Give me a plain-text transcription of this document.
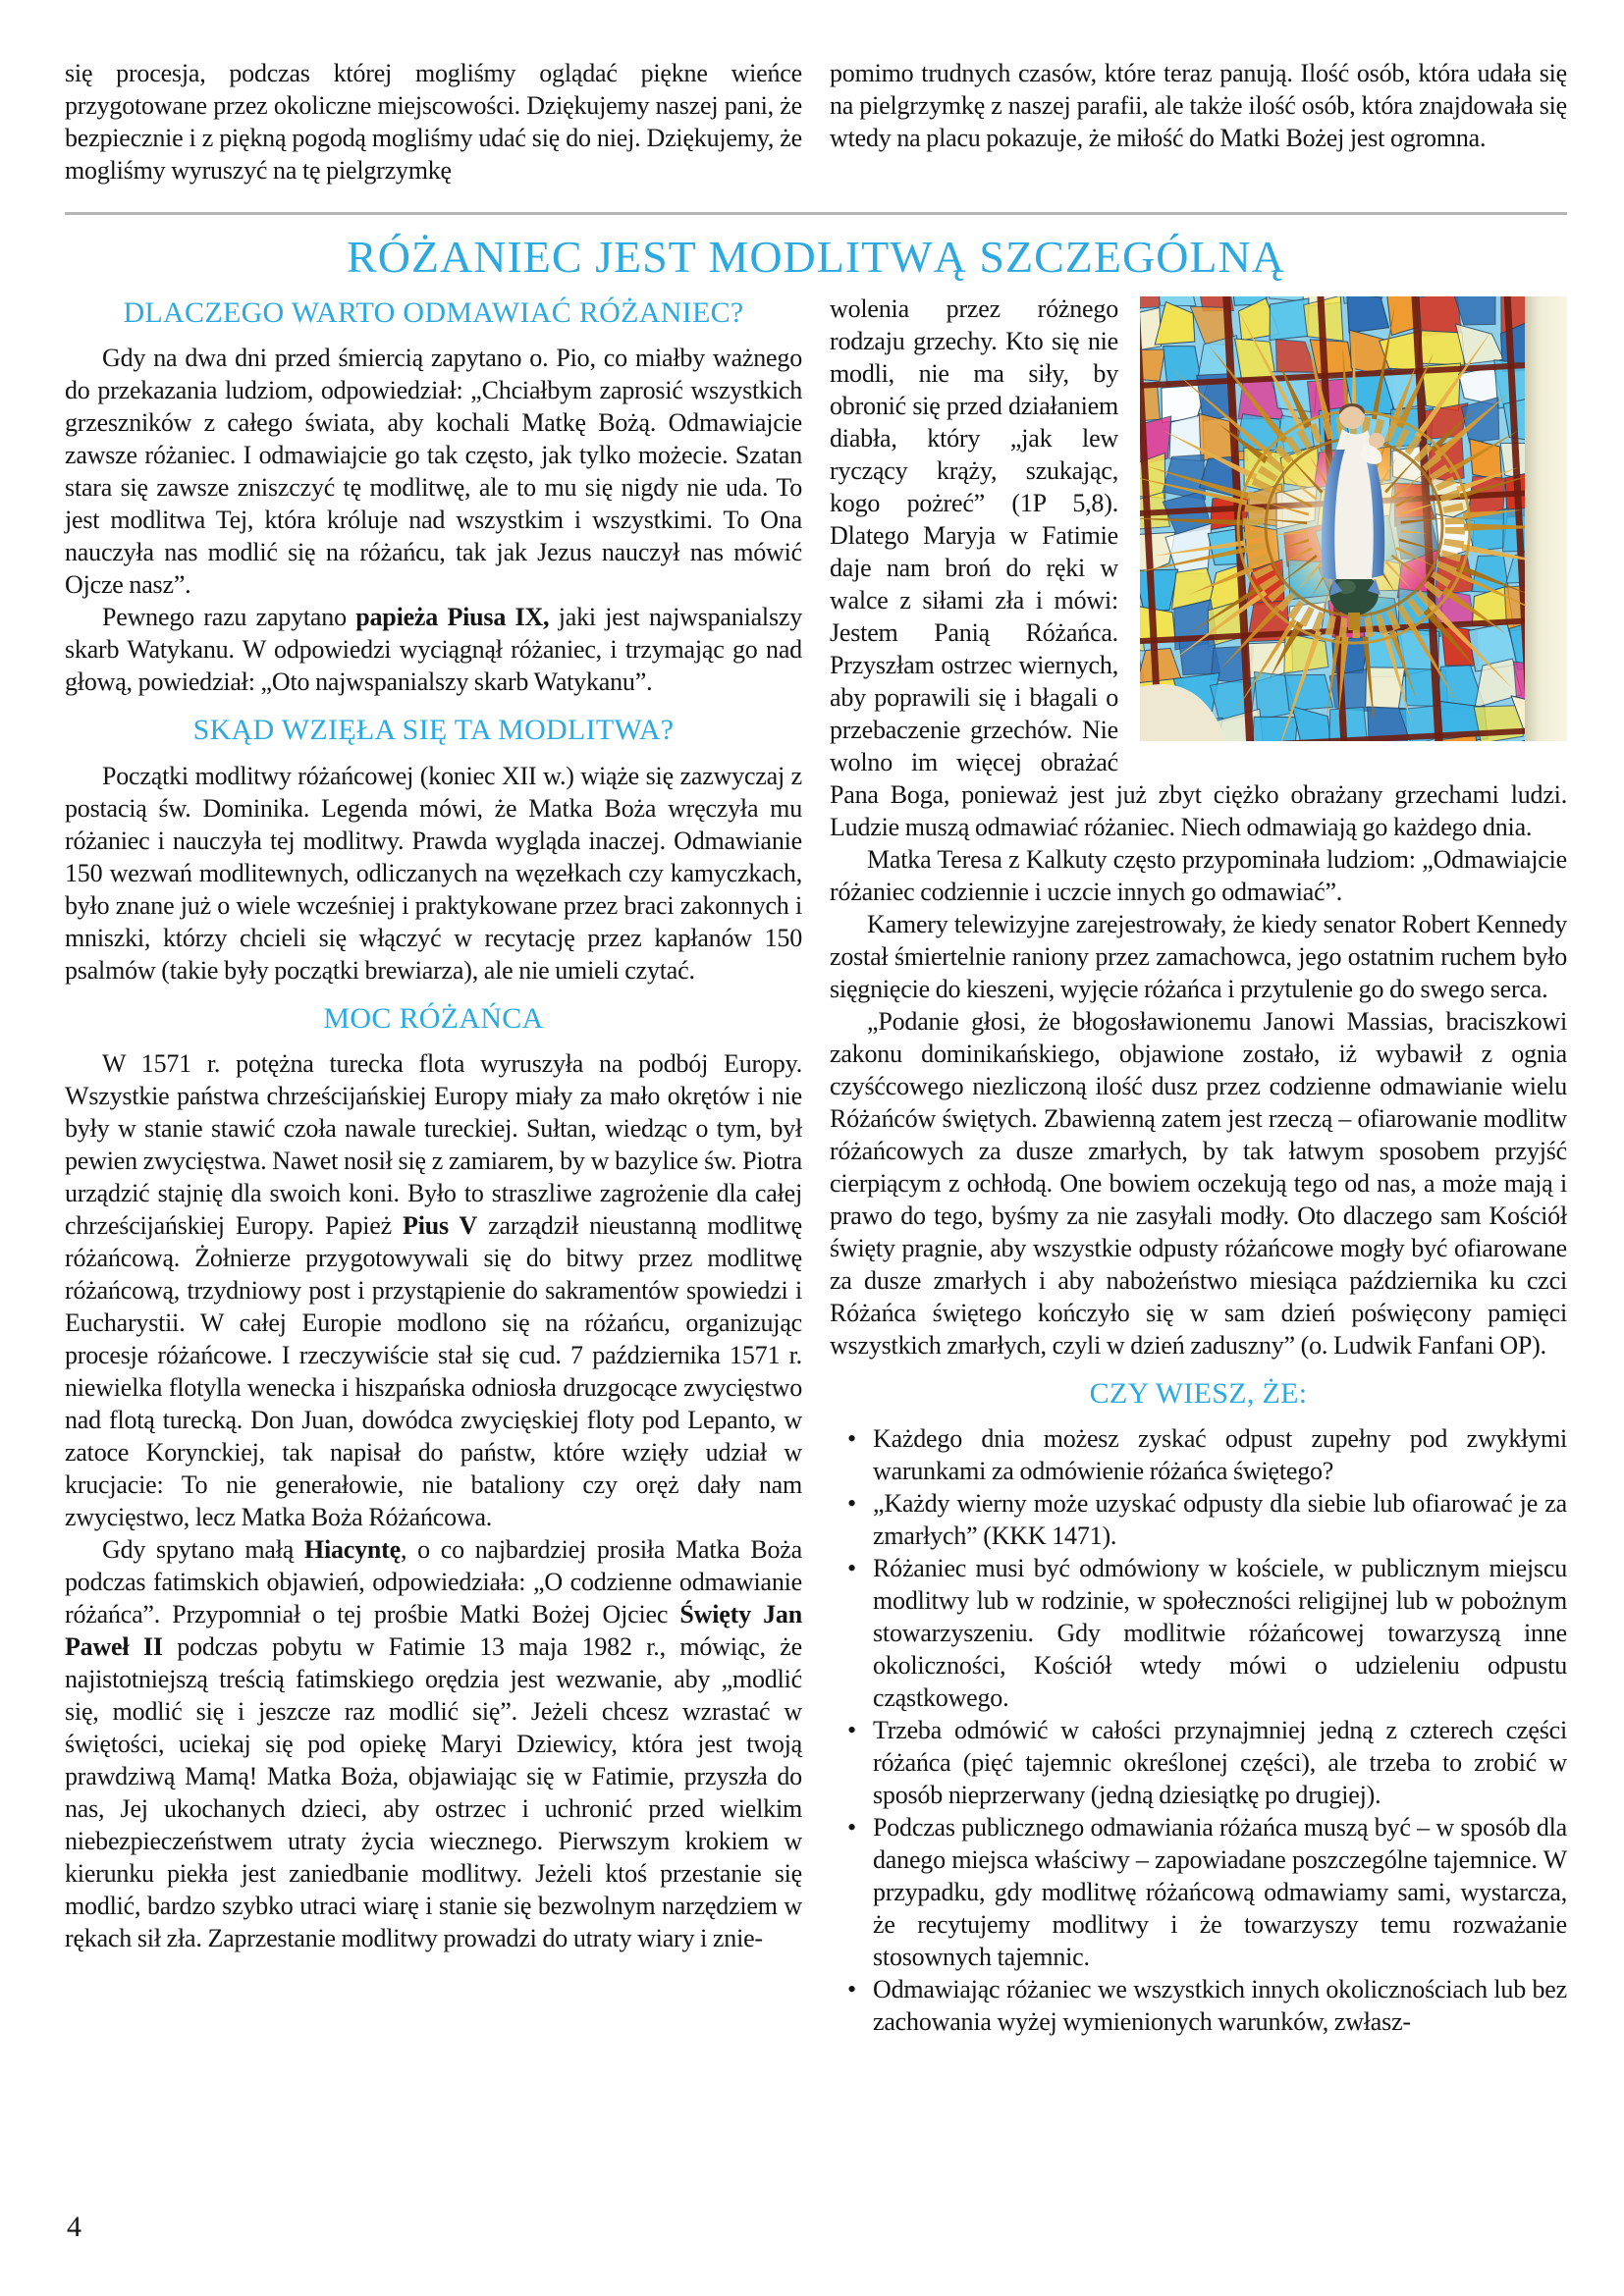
się procesja, podczas której mogliśmy oglądać piękne wieńce przygotowane przez okoliczne miejscowości. Dziękujemy naszej pani, że bezpiecznie i z piękną pogodą mogliśmy udać się do niej. Dziękujemy, że mogliśmy wyruszyć na tę pielgrzymkę

pomimo trudnych czasów, które teraz panują. Ilość osób, która udała się na pielgrzymkę z naszej parafii, ale także ilość osób, która znajdowała się wtedy na placu pokazuje, że miłość do Matki Bożej jest ogromna.

RÓŻANIEC JEST MODLITWĄ SZCZEGÓLNĄ
DLACZEGO WARTO ODMAWIAĆ RÓŻANIEC?

Gdy na dwa dni przed śmiercią zapytano o. Pio, co miałby ważnego do przekazania ludziom, odpowiedział: „Chciałbym zaprosić wszystkich grzeszników z całego świata, aby kochali Matkę Bożą. Odmawiajcie zawsze różaniec. I odmawiajcie go tak często, jak tylko możecie. Szatan stara się zawsze zniszczyć tę modlitwę, ale to mu się nigdy nie uda. To jest modlitwa Tej, która króluje nad wszystkim i wszystkimi. To Ona nauczyła nas modlić się na różańcu, tak jak Jezus nauczył nas mówić Ojcze nasz”.

Pewnego razu zapytano papieża Piusa IX, jaki jest najwspanialszy skarb Watykanu. W odpowiedzi wyciągnął różaniec, i trzymając go nad głową, powiedział: „Oto najwspanialszy skarb Watykanu”.

SKĄD WZIĘŁA SIĘ TA MODLITWA?

Początki modlitwy różańcowej (koniec XII w.) wiąże się zazwyczaj z postacią św. Dominika. Legenda mówi, że Matka Boża wręczyła mu różaniec i nauczyła tej modlitwy. Prawda wygląda inaczej. Odmawianie 150 wezwań modlitewnych, odliczanych na węzełkach czy kamyczkach, było znane już o wiele wcześniej i praktykowane przez braci zakonnych i mniszki, którzy chcieli się włączyć w recytację przez kapłanów 150 psalmów (takie były początki brewiarza), ale nie umieli czytać.

MOC RÓŻAŃCA

W 1571 r. potężna turecka flota wyruszyła na podbój Europy. Wszystkie państwa chrześcijańskiej Europy miały za mało okrętów i nie były w stanie stawić czoła nawale tureckiej. Sułtan, wiedząc o tym, był pewien zwycięstwa. Nawet nosił się z zamiarem, by w bazylice św. Piotra urządzić stajnię dla swoich koni. Było to straszliwe zagrożenie dla całej chrześcijańskiej Europy. Papież Pius V zarządził nieustanną modlitwę różańcową. Żołnierze przygotowywali się do bitwy przez modlitwę różańcową, trzydniowy post i przystąpienie do sakramentów spowiedzi i Eucharystii. W całej Europie modlono się na różańcu, organizując procesje różańcowe. I rzeczywiście stał się cud. 7 października 1571 r. niewielka flotylla wenecka i hiszpańska odniosła druzgocące zwycięstwo nad flotą turecką. Don Juan, dowódca zwycięskiej floty pod Lepanto, w zatoce Korynckiej, tak napisał do państw, które wzięły udział w krucjacie: To nie generałowie, nie bataliony czy oręż dały nam zwycięstwo, lecz Matka Boża Różańcowa.

Gdy spytano małą Hiacyntę, o co najbardziej prosiła Matka Boża podczas fatimskich objawień, odpowiedziała: „O codzienne odmawianie różańca”. Przypomniał o tej prośbie Matki Bożej Ojciec Święty Jan Paweł II podczas pobytu w Fatimie 13 maja 1982 r., mówiąc, że najistotniejszą treścią fatimskiego orędzia jest wezwanie, aby „modlić się, modlić się i jeszcze raz modlić się”. Jeżeli chcesz wzrastać w świętości, uciekaj się pod opiekę Maryi Dziewicy, która jest twoją prawdziwą Mamą! Matka Boża, objawiając się w Fatimie, przyszła do nas, Jej ukochanych dzieci, aby ostrzec i uchronić przed wielkim niebezpieczeństwem utraty życia wiecznego. Pierwszym krokiem w kierunku piekła jest zaniedbanie modlitwy. Jeżeli ktoś przestanie się modlić, bardzo szybko utraci wiarę i stanie się bezwolnym narzędziem w rękach sił zła. Zaprzestanie modlitwy prowadzi do utraty wiary i znie-

wolenia przez różnego rodzaju grzechy. Kto się nie modli, nie ma siły, by obronić się przed działaniem diabła, który „jak lew ryczący krąży, szukając, kogo pożreć” (1P 5,8). Dlatego Maryja w Fatimie daje nam broń do ręki w walce z siłami zła i mówi: Jestem Panią Różańca. Przyszłam ostrzec wiernych, aby poprawili się i błagali o przebaczenie grzechów. Nie wolno im więcej obrażać Pana Boga, ponieważ jest już zbyt ciężko obrażany grzechami ludzi. Ludzie muszą odmawiać różaniec. Niech odmawiają go każdego dnia.

Matka Teresa z Kalkuty często przypominała ludziom: „Odmawiajcie różaniec codziennie i uczcie innych go odmawiać”.

Kamery telewizyjne zarejestrowały, że kiedy senator Robert Kennedy został śmiertelnie raniony przez zamachowca, jego ostatnim ruchem było sięgnięcie do kieszeni, wyjęcie różańca i przytulenie go do swego serca.

„Podanie głosi, że błogosławionemu Janowi Massias, braciszkowi zakonu dominikańskiego, objawione zostało, iż wybawił z ognia czyśćcowego niezliczoną ilość dusz przez codzienne odmawianie wielu Różańców świętych. Zbawienną zatem jest rzeczą – ofiarowanie modlitw różańcowych za dusze zmarłych, by tak łatwym sposobem przyjść cierpiącym z ochłodą. One bowiem oczekują tego od nas, a może mają i prawo do tego, byśmy za nie zasyłali modły. Oto dlaczego sam Kościół święty pragnie, aby wszystkie odpusty różańcowe mogły być ofiarowane za dusze zmarłych i aby nabożeństwo miesiąca października ku czci Różańca świętego kończyło się w sam dzień poświęcony pamięci wszystkich zmarłych, czyli w dzień zaduszny” (o. Ludwik Fanfani OP).

CZY WIESZ, ŻE:
• Każdego dnia możesz zyskać odpust zupełny pod zwykłymi warunkami za odmówienie różańca świętego?
• „Każdy wierny może uzyskać odpusty dla siebie lub ofiarować je za zmarłych” (KKK 1471).
• Różaniec musi być odmówiony w kościele, w publicznym miejscu modlitwy lub w rodzinie, w społeczności religijnej lub w pobożnym stowarzyszeniu. Gdy modlitwie różańcowej towarzyszą inne okoliczności, Kościół wtedy mówi o udzieleniu odpustu cząstkowego.
• Trzeba odmówić w całości przynajmniej jedną z czterech części różańca (pięć tajemnic określonej części), ale trzeba to zrobić w sposób nieprzerwany (jedną dziesiątkę po drugiej).
• Podczas publicznego odmawiania różańca muszą być – w sposób dla danego miejsca właściwy – zapowiadane poszczególne tajemnice. W przypadku, gdy modlitwę różańcową odmawiamy sami, wystarcza, że recytujemy modlitwy i że towarzyszy temu rozważanie stosownych tajemnic.
• Odmawiając różaniec we wszystkich innych okolicznościach lub bez zachowania wyżej wymienionych warunków, zwłasz-
4
